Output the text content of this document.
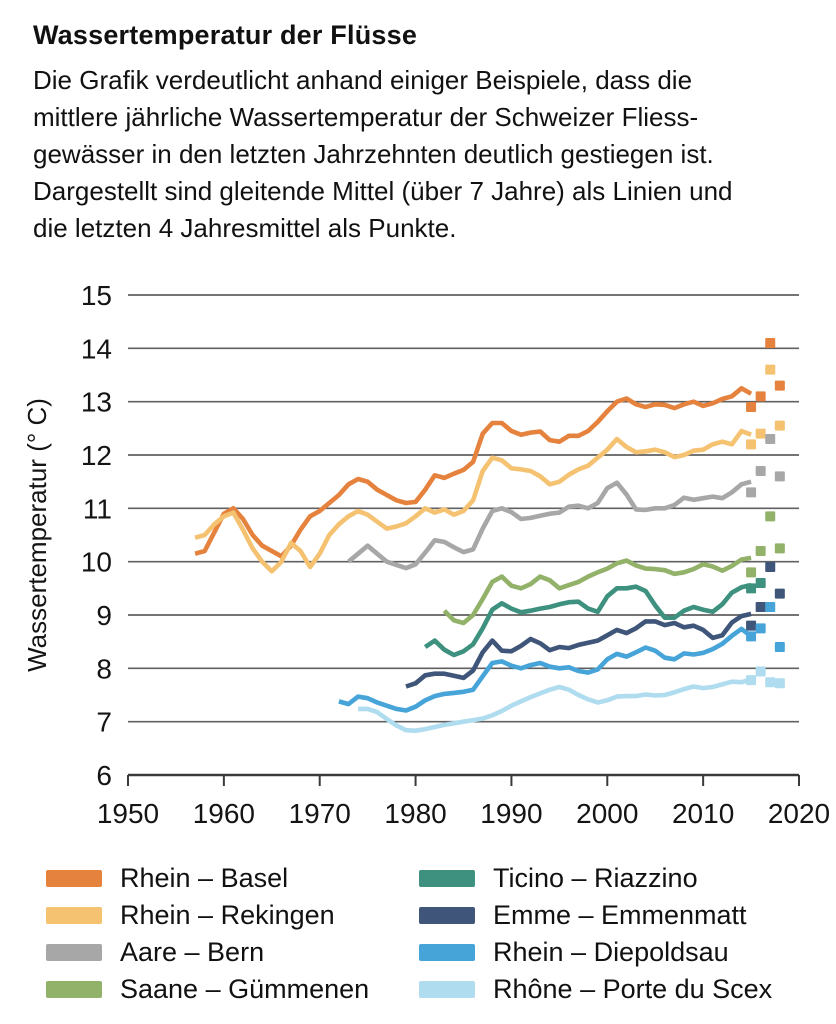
Wassertemperatur der Flüsse
Die Grafik verdeutlicht anhand einiger Beispiele, dass die
mittlere jährliche Wassertemperatur der Schweizer Fliess-
gewässer in den letzten Jahrzehnten deutlich gestiegen ist.
Dargestellt sind gleitende Mittel (über 7 Jahre) als Linien und
die letzten 4 Jahresmittel als Punkte.
6
7
8
9
10
11
12
13
14
15
1950 1960 1970 1980 1990 2000 2010 2020
Wassertemperatur (° C)
Rhein – Basel
Rhein – Rekingen
Aare – Bern
Saane – Gümmenen
Ticino – Riazzino
Emme – Emmenmatt
Rhein – Diepoldsau
Rhône – Porte du Scex
